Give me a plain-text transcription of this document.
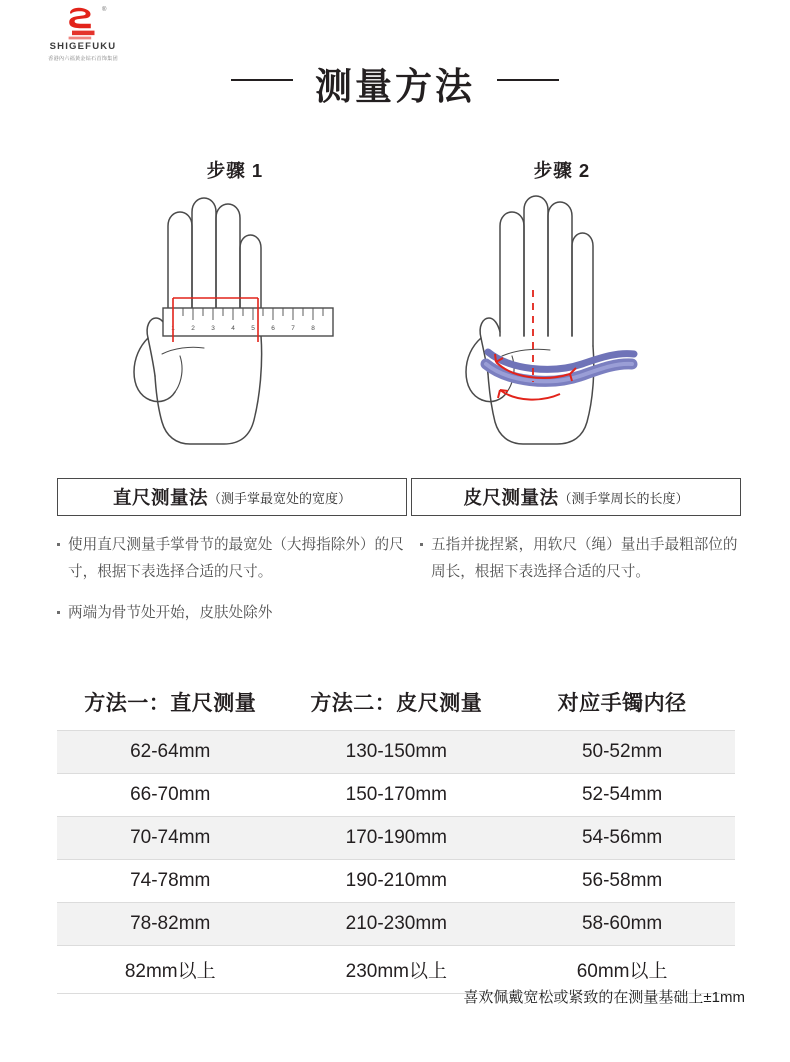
®
SHIGEFUKU
香港內六福黃金钻石首饰集团
测量方法
步骤 1	步骤 2
1	2	3	4	5	6	7	8
直尺测量法 （测手掌最宽处的宽度）	皮尺测量法 （测手掌周长的长度）
使用直尺测量手掌骨节的最宽处（大拇指除外）的尺寸，根据下表选择合适的尺寸。
两端为骨节处开始，皮肤处除外
五指并拢捏紧，用软尺（绳）量出手最粗部位的周长，根据下表选择合适的尺寸。
方法一：直尺测量	方法二：皮尺测量	对应手镯内径
62-64mm	130-150mm	50-52mm
66-70mm	150-170mm	52-54mm
70-74mm	170-190mm	54-56mm
74-78mm	190-210mm	56-58mm
78-82mm	210-230mm	58-60mm
82mm以上	230mm以上	60mm以上
喜欢佩戴宽松或紧致的在测量基础上±1mm
